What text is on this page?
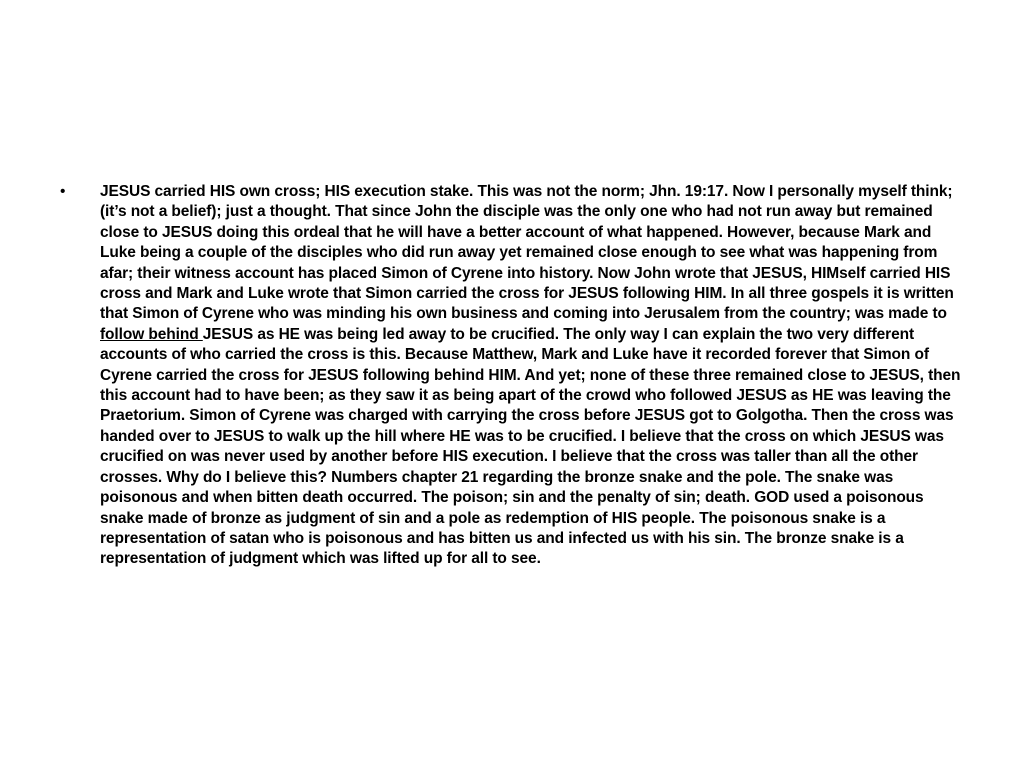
• JESUS carried HIS own cross; HIS execution stake. This was not the norm; Jhn. 19:17. Now I personally myself think; (it’s not a belief); just a thought. That since John the disciple was the only one who had not run away but remained close to JESUS doing this ordeal that he will have a better account of what happened. However, because Mark and Luke being a couple of the disciples who did run away yet remained close enough to see what was happening from afar; their witness account has placed Simon of Cyrene into history. Now John wrote that JESUS, HIMself carried HIS cross and Mark and Luke wrote that Simon carried the cross for JESUS following HIM. In all three gospels it is written that Simon of Cyrene who was minding his own business and coming into Jerusalem from the country; was made to follow behind JESUS as HE was being led away to be crucified. The only way I can explain the two very different accounts of who carried the cross is this. Because Matthew, Mark and Luke have it recorded forever that Simon of Cyrene carried the cross for JESUS following behind HIM. And yet; none of these three remained close to JESUS, then this account had to have been; as they saw it as being apart of the crowd who followed JESUS as HE was leaving the Praetorium. Simon of Cyrene was charged with carrying the cross before JESUS got to Golgotha. Then the cross was handed over to JESUS to walk up the hill where HE was to be crucified. I believe that the cross on which JESUS was crucified on was never used by another before HIS execution. I believe that the cross was taller than all the other crosses. Why do I believe this? Numbers chapter 21 regarding the bronze snake and the pole. The snake was poisonous and when bitten death occurred. The poison; sin and the penalty of sin; death. GOD used a poisonous snake made of bronze as judgment of sin and a pole as redemption of HIS people. The poisonous snake is a representation of satan who is poisonous and has bitten us and infected us with his sin. The bronze snake is a representation of judgment which was lifted up for all to see.
